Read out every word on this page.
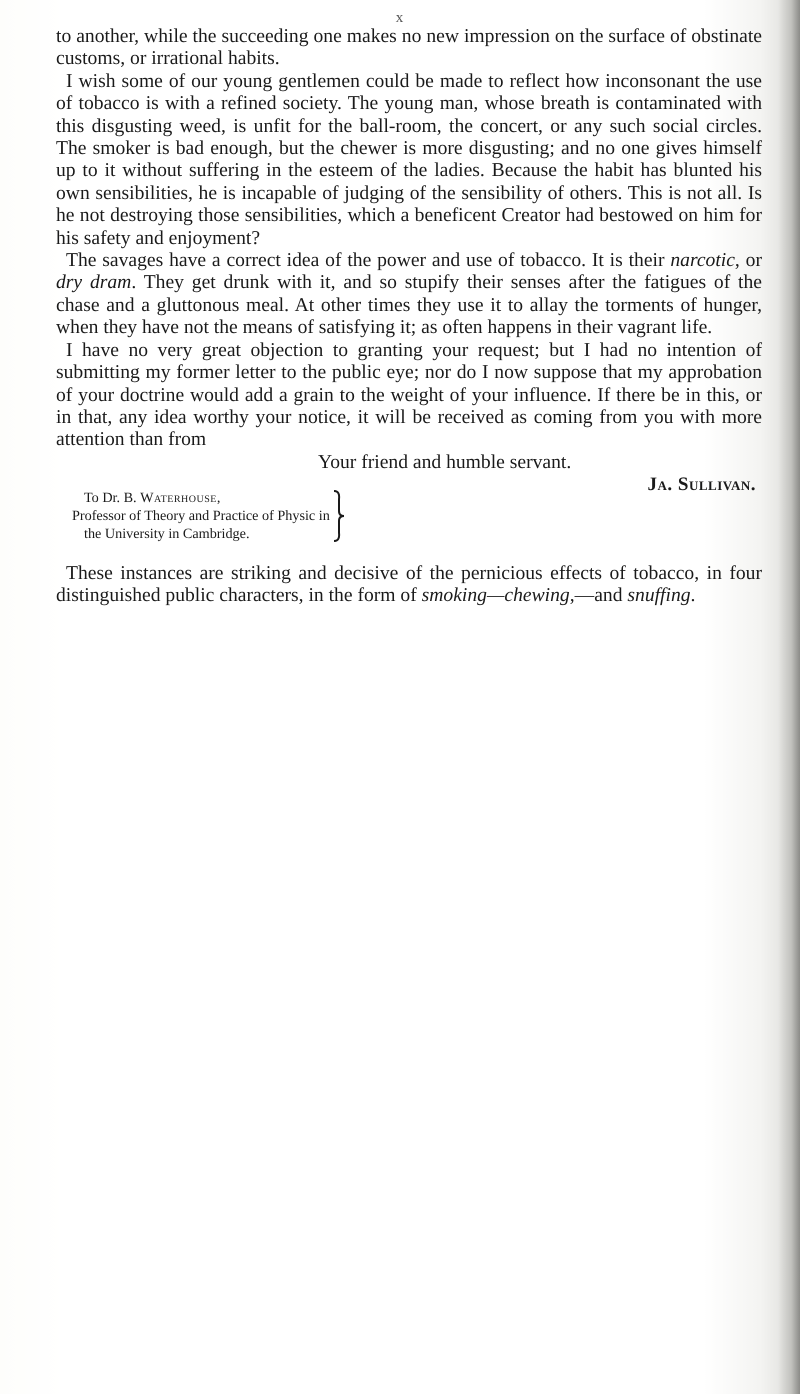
x

to another, while the succeeding one makes no new impression on the surface of obstinate customs, or irrational habits.

I wish some of our young gentlemen could be made to reflect how inconsonant the use of tobacco is with a refined society. The young man, whose breath is contaminated with this disgusting weed, is unfit for the ball-room, the concert, or any such social circles. The smoker is bad enough, but the chewer is more disgusting; and no one gives himself up to it without suffering in the esteem of the ladies. Because the habit has blunted his own sensibilities, he is incapable of judging of the sensibility of others. This is not all. Is he not destroying those sensibilities, which a beneficent Creator had bestowed on him for his safety and enjoyment?

The savages have a correct idea of the power and use of tobacco. It is their narcotic, or dry dram. They get drunk with it, and so stupify their senses after the fatigues of the chase and a gluttonous meal. At other times they use it to allay the torments of hunger, when they have not the means of satisfying it; as often happens in their vagrant life.

I have no very great objection to granting your request; but I had no intention of submitting my former letter to the public eye; nor do I now suppose that my approbation of your doctrine would add a grain to the weight of your influence. If there be in this, or in that, any idea worthy your notice, it will be received as coming from you with more attention than from

Your friend and humble servant.

Ja. Sullivan.

To Dr. B. Waterhouse,
Professor of Theory and Practice of Physic in
the University in Cambridge.

These instances are striking and decisive of the pernicious effects of tobacco, in four distinguished public characters, in the form of smoking—chewing,—and snuffing.
